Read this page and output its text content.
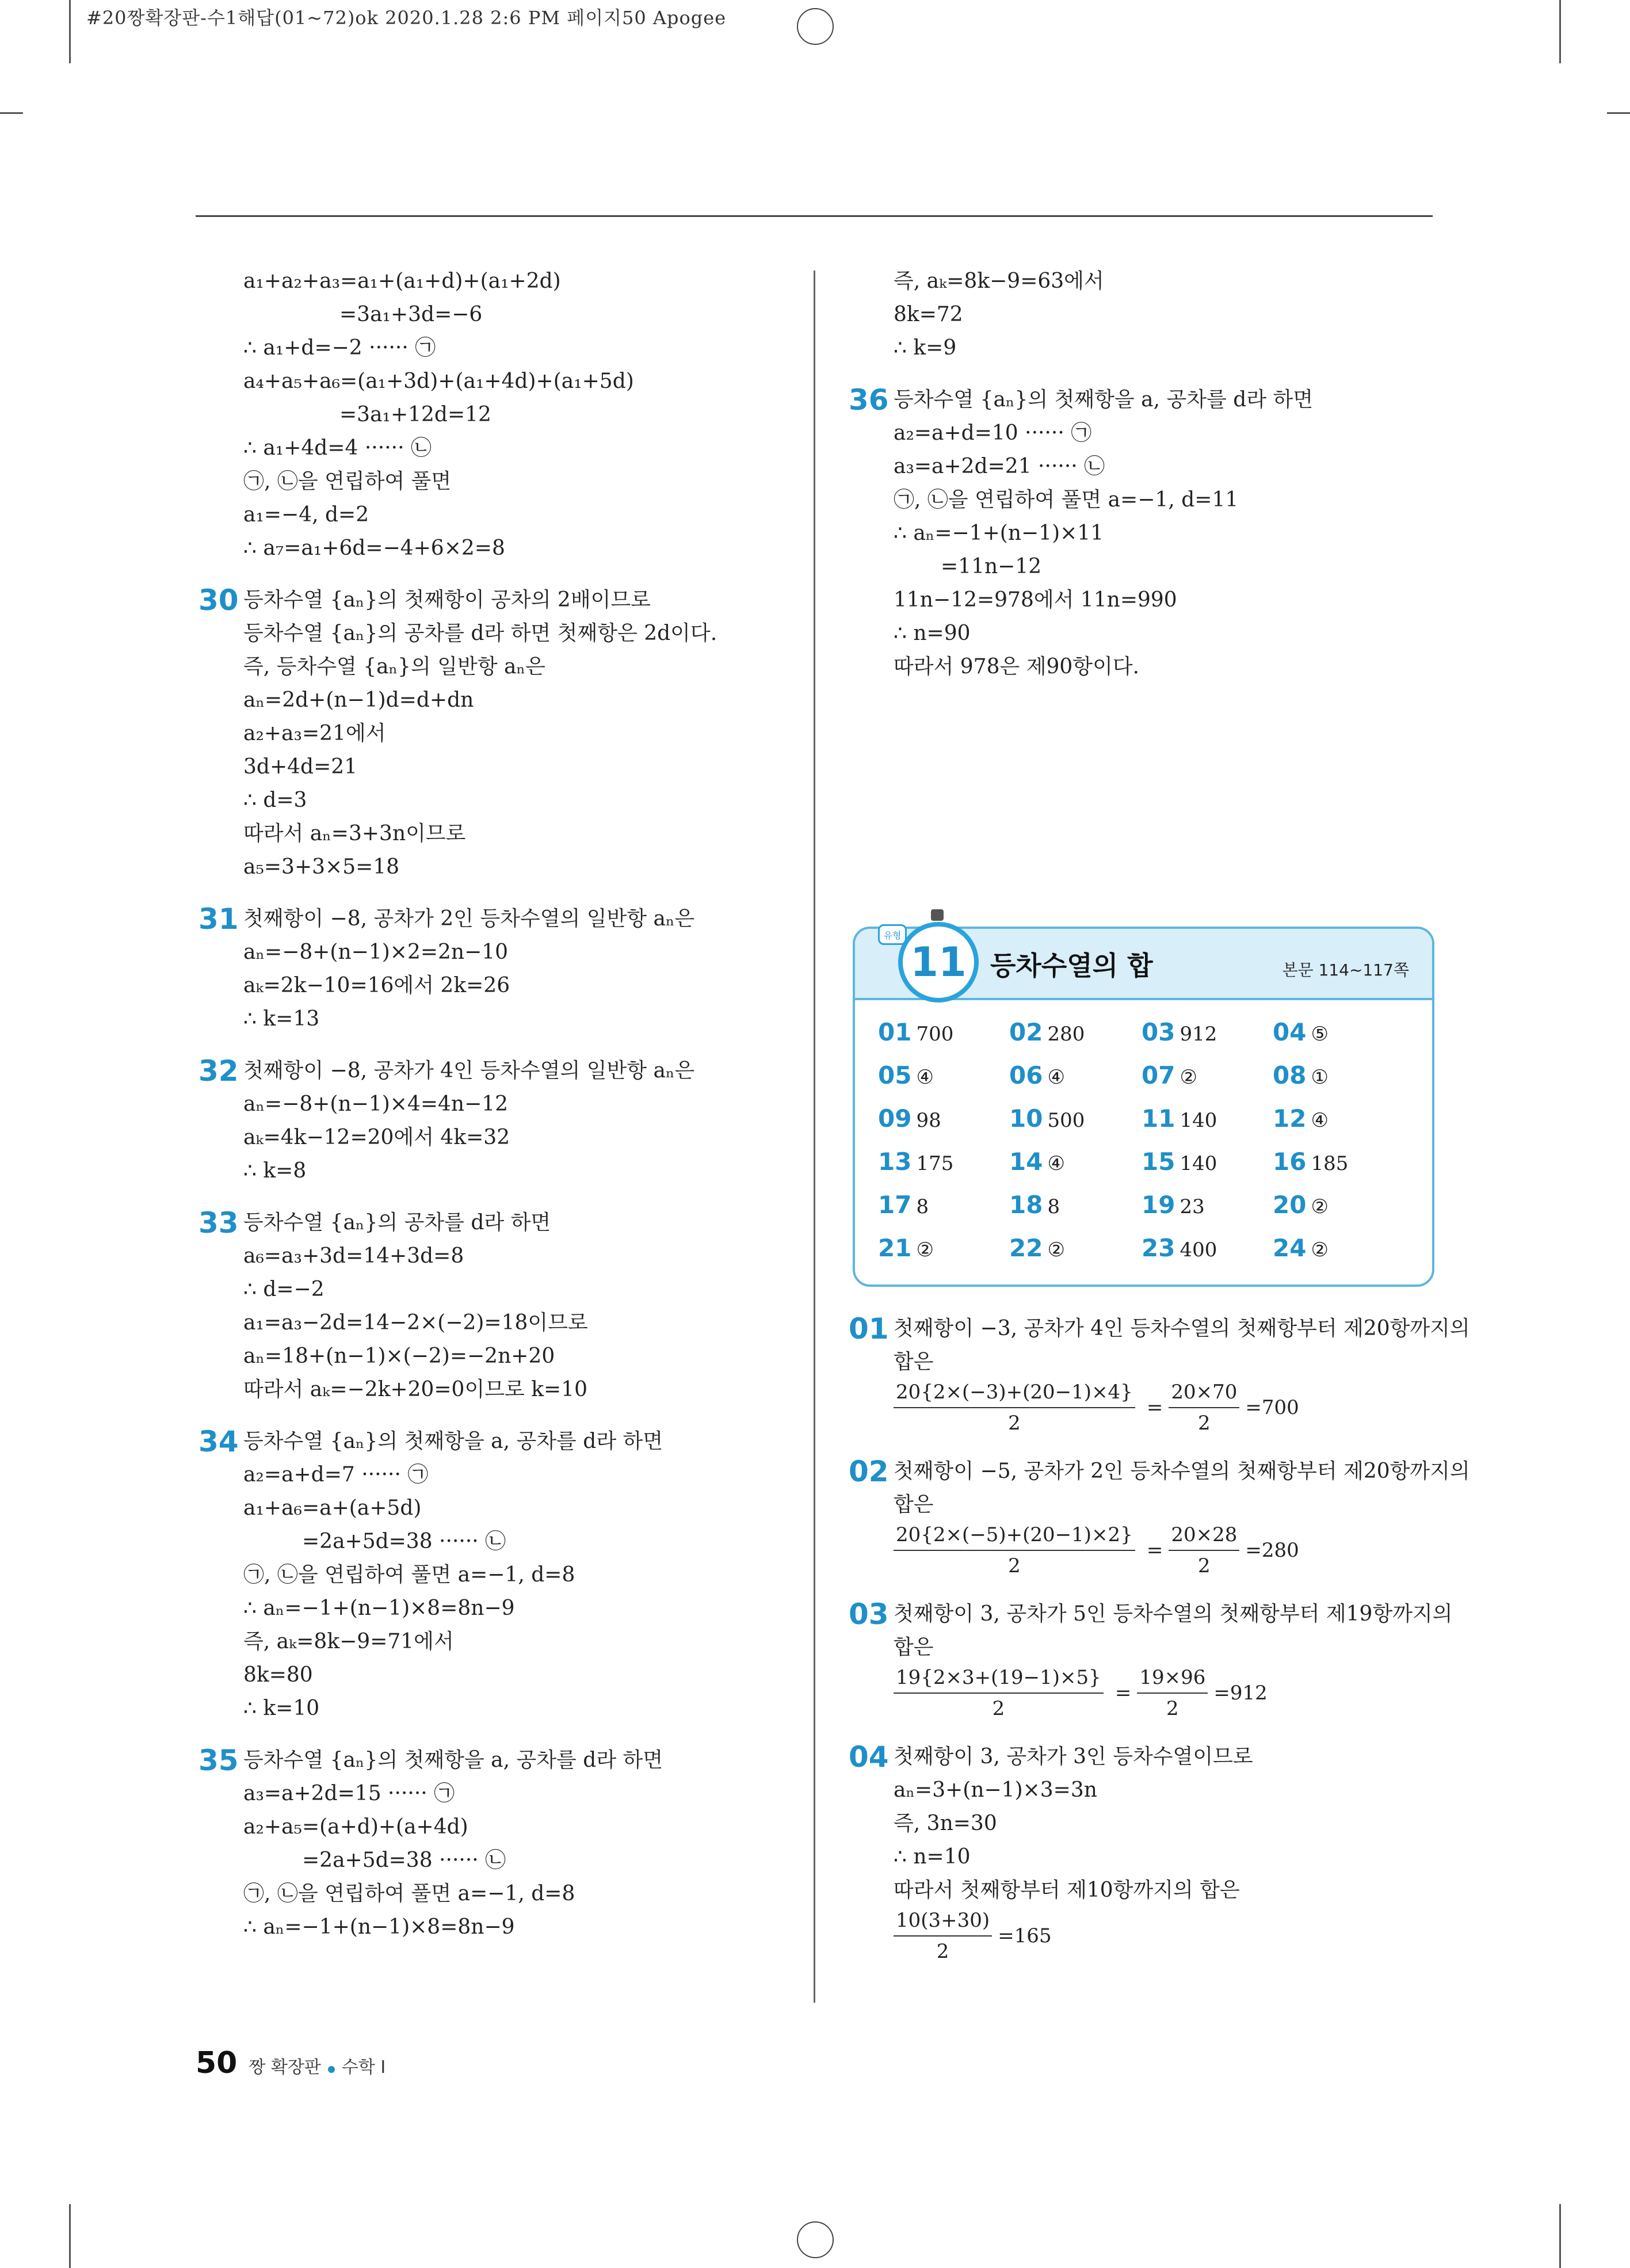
#20짱확장판-수1해답(01~72)ok 2020.1.28 2:6 PM 페이지50 Apogee
a₁+a₂+a₃=a₁+(a₁+d)+(a₁+2d)
=3a₁+3d=−6
∴ a₁+d=−2 ······ ㉠
a₄+a₅+a₆=(a₁+3d)+(a₁+4d)+(a₁+5d)
=3a₁+12d=12
∴ a₁+4d=4 ······ ㉡
㉠, ㉡을 연립하여 풀면
a₁=−4, d=2
∴ a₇=a₁+6d=−4+6×2=8
30 등차수열 {aₙ}의 첫째항이 공차의 2배이므로
등차수열 {aₙ}의 공차를 d라 하면 첫째항은 2d이다.
즉, 등차수열 {aₙ}의 일반항 aₙ은
aₙ=2d+(n−1)d=d+dn
a₂+a₃=21에서
3d+4d=21
∴ d=3
따라서 aₙ=3+3n이므로
a₅=3+3×5=18
31 첫째항이 −8, 공차가 2인 등차수열의 일반항 aₙ은
aₙ=−8+(n−1)×2=2n−10
aₖ=2k−10=16에서 2k=26
∴ k=13
32 첫째항이 −8, 공차가 4인 등차수열의 일반항 aₙ은
aₙ=−8+(n−1)×4=4n−12
aₖ=4k−12=20에서 4k=32
∴ k=8
33 등차수열 {aₙ}의 공차를 d라 하면
a₆=a₃+3d=14+3d=8
∴ d=−2
a₁=a₃−2d=14−2×(−2)=18이므로
aₙ=18+(n−1)×(−2)=−2n+20
따라서 aₖ=−2k+20=0이므로 k=10
34 등차수열 {aₙ}의 첫째항을 a, 공차를 d라 하면
a₂=a+d=7 ······ ㉠
a₁+a₆=a+(a+5d)
=2a+5d=38 ······ ㉡
㉠, ㉡을 연립하여 풀면 a=−1, d=8
∴ aₙ=−1+(n−1)×8=8n−9
즉, aₖ=8k−9=71에서
8k=80
∴ k=10
35 등차수열 {aₙ}의 첫째항을 a, 공차를 d라 하면
a₃=a+2d=15 ······ ㉠
a₂+a₅=(a+d)+(a+4d)
=2a+5d=38 ······ ㉡
㉠, ㉡을 연립하여 풀면 a=−1, d=8
∴ aₙ=−1+(n−1)×8=8n−9
즉, aₖ=8k−9=63에서
8k=72
∴ k=9
36 등차수열 {aₙ}의 첫째항을 a, 공차를 d라 하면
a₂=a+d=10 ······ ㉠
a₃=a+2d=21 ······ ㉡
㉠, ㉡을 연립하여 풀면 a=−1, d=11
∴ aₙ=−1+(n−1)×11
=11n−12
11n−12=978에서 11n=990
∴ n=90
따라서 978은 제90항이다.
유형
11 등차수열의 합	본문 114~117쪽
01 700 02 280 03 912 04 ⑤
05 ④	06 ④	07 ②	08 ①
09 98	10 500 11 140 12 ④
13 175 14 ④	15 140 16 185
17 8	18 8	19 23	20 ②
21 ②	22 ②	23 400 24 ②
01 첫째항이 −3, 공차가 4인 등차수열의 첫째항부터 제20항까지의
합은
$\frac{20\{2\times(-3)+(20-1)\times 4\}}{2} = \frac{20\times 70}{2} =700$
02 첫째항이 −5, 공차가 2인 등차수열의 첫째항부터 제20항까지의
합은
$\frac{20\{2\times(-5)+(20-1)\times 2\}}{2} = \frac{20\times 28}{2} =280$
03 첫째항이 3, 공차가 5인 등차수열의 첫째항부터 제19항까지의
합은
$\frac{19\{2\times 3+(19-1)\times 5\}}{2} = \frac{19\times 96}{2} =912$
04 첫째항이 3, 공차가 3인 등차수열이므로
aₙ=3+(n−1)×3=3n
즉, 3n=30
∴ n=10
따라서 첫째항부터 제10항까지의 합은
$\frac{10(3+30)}{2} =165$
50 짱 확장판 수학 Ⅰ
